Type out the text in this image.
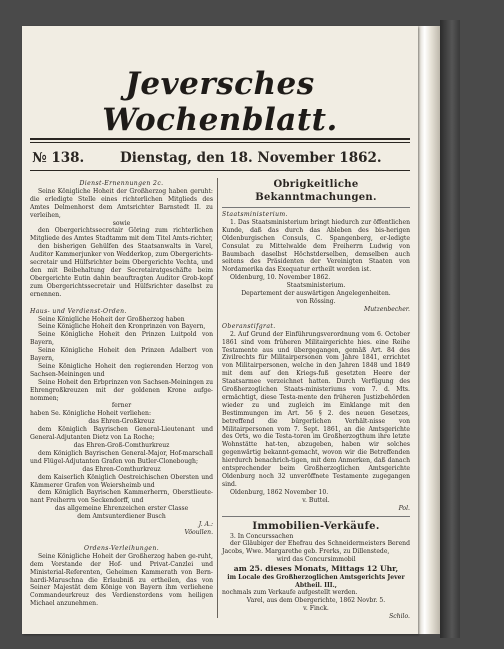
Jeversches Wochenblatt.
№ 138.	Dienstag, den 18. November 1862.

Dienst-Ernennungen 2c.

Seine Königliche Hoheit der Großherzog haben geruht: die erledigte Stelle eines richterlichen Mitglieds des Amtes Delmenhorst dem Amtsrichter Barnstedt II. zu verleihen,

sowie

den Obergerichtssecretair Göring zum richterlichen Mitgliede des Amtes Stadtamm mit dem Titel Amts-richter,

den bisherigen Gehülfen des Staatsanwalts in Varel, Auditor Kammerjunker von Wedderkop, zum Obergerichts-secretair und Hülfsrichter beim Obergerichte Vechta, und den mit Beibehaltung der Secretairatgeschäfte beim Obergerichte Eutin dahin beauftragten Auditor Grob-kopf zum Obergerichtssecretair und Hülfsrichter daselbst zu ernennen.

Haus- und Verdienst-Orden.

Seine Königliche Hoheit der Großherzog haben

Seine Königliche Hoheit den Kronprinzen von Bayern,

Seine Königliche Hoheit den Prinzen Luitpold von Bayern,

Seine Königliche Hoheit den Prinzen Adalbert von Bayern,

Seine Königliche Hoheit den regierenden Herzog von Sachsen-Meiningen und

Seine Hoheit den Erbprinzen von Sachsen-Meiningen zu Ehrengroßkreuzen mit der goldenen Krone aufge-nommen;

ferner

haben Se. Königliche Hoheit verliehen:

das Ehren-Großkreuz

dem Königlich Bayrischen General-Lieutenant und General-Adjutanten Dietz von La Roche;

das Ehren-Groß-Comthurkreuz

dem Königlich Bayrischen General-Major, Hof-marschall und Flügel-Adjutanten Grafen von Butler-Clonebough;

das Ehren-Comthurkreuz

dem Kaiserlich Königlich Oestreichischen Obersten und Kämmerer Grafen von Weiersheimb und

dem Königlich Bayrischen Kammerherrn, Oberstlieute-nant Freiherrn von Seckendorff, und

das allgemeine Ehrenzeichen erster Classe

dem Amtsunterdiener Busch

J. A.:

Vöoullen.

Ordens-Verleihungen.

Seine Königliche Hoheit der Großherzog haben ge-ruht, dem Vorstande der Hof- und Privat-Canzlei und Ministerial-Referenten, Geheimen Kammerath von Bern-hardi-Maruschna die Erlaubniß zu ertheilen, das von Seiner Majestät dem Könige von Bayern ihm verliehene Commandeurkreuz des Verdienstordens vom heiligen Michael anzunehmen.

Obrigkeitliche Bekanntmachungen.

Staatsministerium.

1. Das Staatsministerium bringt hiedurch zur öffentlichen Kunde, daß das durch das Ableben des bis-herigen Oldenburgischen Consuls, C. Spangenberg, er-ledigte Consulat zu Mittelwalde dem Freiherrn Ludwig von Baumbach daselbst Höchstderselben, demselben auch seitens des Präsidenten der Vereinigten Staaten von Nordamerika das Exequatur ertheilt worden ist.

Oldenburg, 10. November 1862.

Staatsministerium.

Departement der auswärtigen Angelegenheiten.

von Rössing.

Mutzenbecher.

Oberanstifgrat.

2. Auf Grund der Einführungsverordnung vom 6. October 1861 sind vom früheren Militairgerichte hies. eine Reihe Testamente aus und übergegangen, gemäß Art. 84 des Zivilrechts für Militairpersonen vom Jahre 1841, errichtet von Militairpersonen, welche in den Jahren 1848 und 1849 mit dem auf den Kriegs-fuß gesetzten Heere der Staatsarmee verzeichnet hatten. Durch Verfügung des Großherzoglichen Staats-ministeriums vom 7. d. Mts. ermächtigt, diese Testa-mente den früheren Justizbehörden wieder zu und zugleich im Einklange mit den Bestimmungen im Art. 56 § 2. des neuen Gesetzes, betreffend die bürgerlichen Verhält-nisse von Militairpersonen vom 7. Sept. 1861, an die Amtsgerichte des Orts, wo die Testa-toren im Großherzogthum ihre letzte Wohnstätte hat-ten, abzugeben, haben wir solches gegenwärtig bekannt-gemacht, wovon wir die Betreffenden hierdurch benachrich-tigen, mit dem Anmerken, daß danach entsprechender beim Großherzoglichen Amtsgerichte Oldenburg noch 32 unveröffnete Testamente zugegangen sind.

Oldenburg, 1862 November 10.

v. Buttel.

Pol.

Immobilien-Verkäufe.

3. In Concurssachen

der Gläubiger der Ehefrau des Schneidermeisters Berend Jacobs, Wwe. Margarethe geb. Frerks, zu Dillenstede,

wird das Concursimmobil

am 25. dieses Monats, Mittags 12 Uhr,

im Locale des Großherzoglichen Amtsgerichts Jever Abtheil. III.,

nochmals zum Verkaufe aufgestellt werden.

Varel, aus dem Obergerichte, 1862 Novbr. 5.

v. Finck.

Schilo.
